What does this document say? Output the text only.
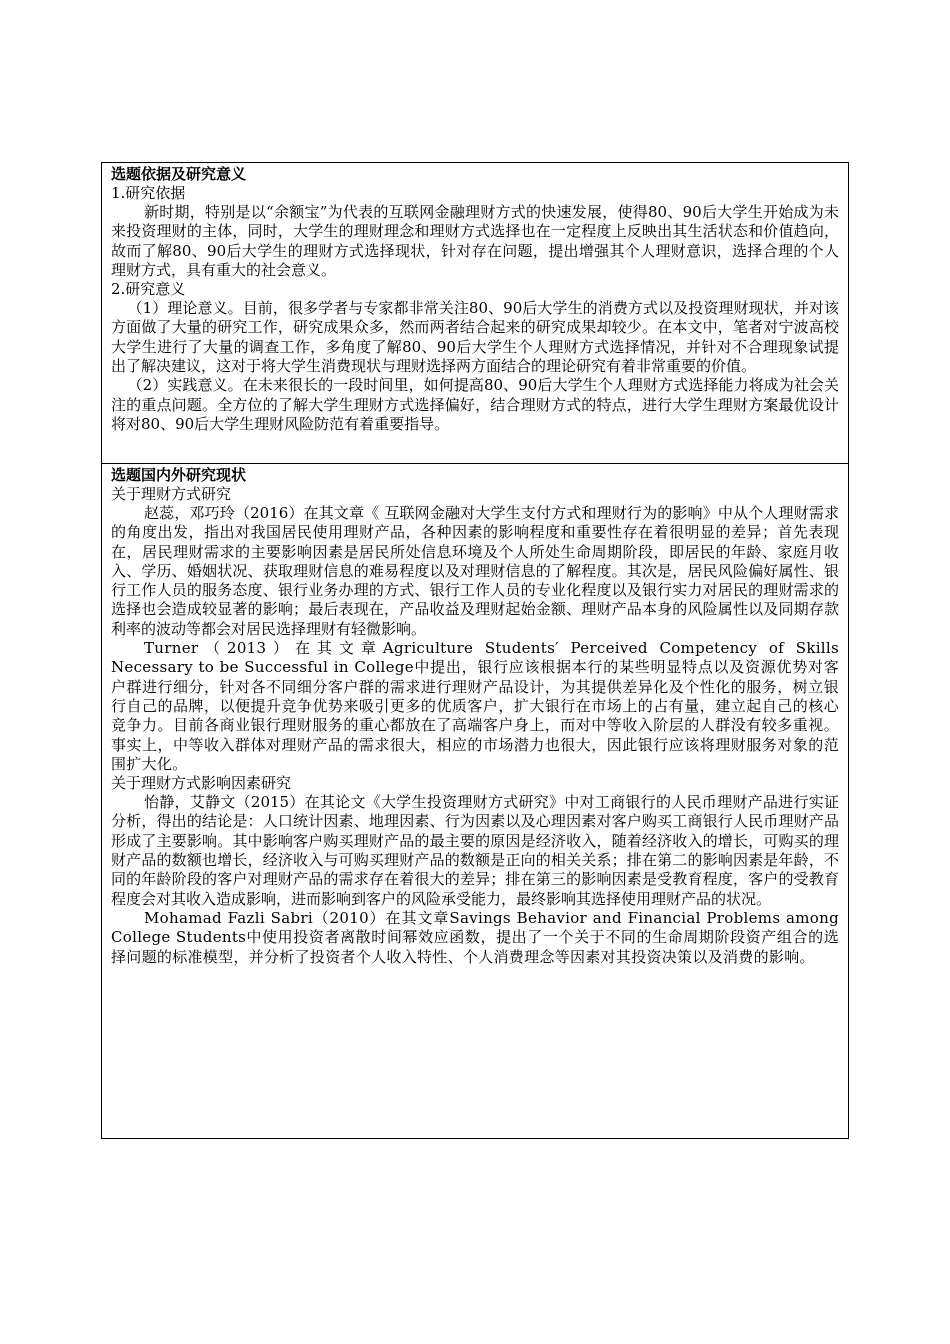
选题依据及研究意义

1.研究依据

新时期，特别是以“余额宝”为代表的互联网金融理财方式的快速发展，使得80、90后大学生开始成为未来投资理财的主体，同时，大学生的理财理念和理财方式选择也在一定程度上反映出其生活状态和价值趋向，故而了解80、90后大学生的理财方式选择现状，针对存在问题，提出增强其个人理财意识，选择合理的个人理财方式，具有重大的社会意义。

2.研究意义

（1）理论意义。目前，很多学者与专家都非常关注80、90后大学生的消费方式以及投资理财现状，并对该方面做了大量的研究工作，研究成果众多，然而两者结合起来的研究成果却较少。在本文中，笔者对宁波高校大学生进行了大量的调查工作，多角度了解80、90后大学生个人理财方式选择情况，并针对不合理现象试提出了解决建议，这对于将大学生消费现状与理财选择两方面结合的理论研究有着非常重要的价值。

（2）实践意义。在未来很长的一段时间里，如何提高80、90后大学生个人理财方式选择能力将成为社会关注的重点问题。全方位的了解大学生理财方式选择偏好，结合理财方式的特点，进行大学生理财方案最优设计将对80、90后大学生理财风险防范有着重要指导。

选题国内外研究现状

关于理财方式研究

赵蕊，邓巧玲（2016）在其文章《 互联网金融对大学生支付方式和理财行为的影响》中从个人理财需求的角度出发，指出对我国居民使用理财产品，各种因素的影响程度和重要性存在着很明显的差异；首先表现在，居民理财需求的主要影响因素是居民所处信息环境及个人所处生命周期阶段，即居民的年龄、家庭月收入、学历、婚姻状况、获取理财信息的难易程度以及对理财信息的了解程度。其次是，居民风险偏好属性、银行工作人员的服务态度、银行业务办理的方式、银行工作人员的专业化程度以及银行实力对居民的理财需求的选择也会造成较显著的影响；最后表现在，产品收益及理财起始金额、理财产品本身的风险属性以及同期存款利率的波动等都会对居民选择理财有轻微影响。

Turner（2013）在其文章Agriculture Students′ Perceived Competency of Skills Necessary to be Successful in College中提出，银行应该根据本行的某些明显特点以及资源优势对客户群进行细分，针对各不同细分客户群的需求进行理财产品设计，为其提供差异化及个性化的服务，树立银行自己的品牌，以便提升竞争优势来吸引更多的优质客户，扩大银行在市场上的占有量，建立起自己的核心竞争力。目前各商业银行理财服务的重心都放在了高端客户身上，而对中等收入阶层的人群没有较多重视。事实上，中等收入群体对理财产品的需求很大，相应的市场潜力也很大，因此银行应该将理财服务对象的范围扩大化。

关于理财方式影响因素研究

怡静，艾静文（2015）在其论文《大学生投资理财方式研究》中对工商银行的人民币理财产品进行实证分析，得出的结论是：人口统计因素、地理因素、行为因素以及心理因素对客户购买工商银行人民币理财产品形成了主要影响。其中影响客户购买理财产品的最主要的原因是经济收入，随着经济收入的增长，可购买的理财产品的数额也增长，经济收入与可购买理财产品的数额是正向的相关关系；排在第二的影响因素是年龄，不同的年龄阶段的客户对理财产品的需求存在着很大的差异；排在第三的影响因素是受教育程度，客户的受教育程度会对其收入造成影响，进而影响到客户的风险承受能力，最终影响其选择使用理财产品的状况。

Mohamad Fazli Sabri（2010）在其文章Savings Behavior and Financial Problems among College Students中使用投资者离散时间幂效应函数，提出了一个关于不同的生命周期阶段资产组合的选择问题的标准模型，并分析了投资者个人收入特性、个人消费理念等因素对其投资决策以及消费的影响。
